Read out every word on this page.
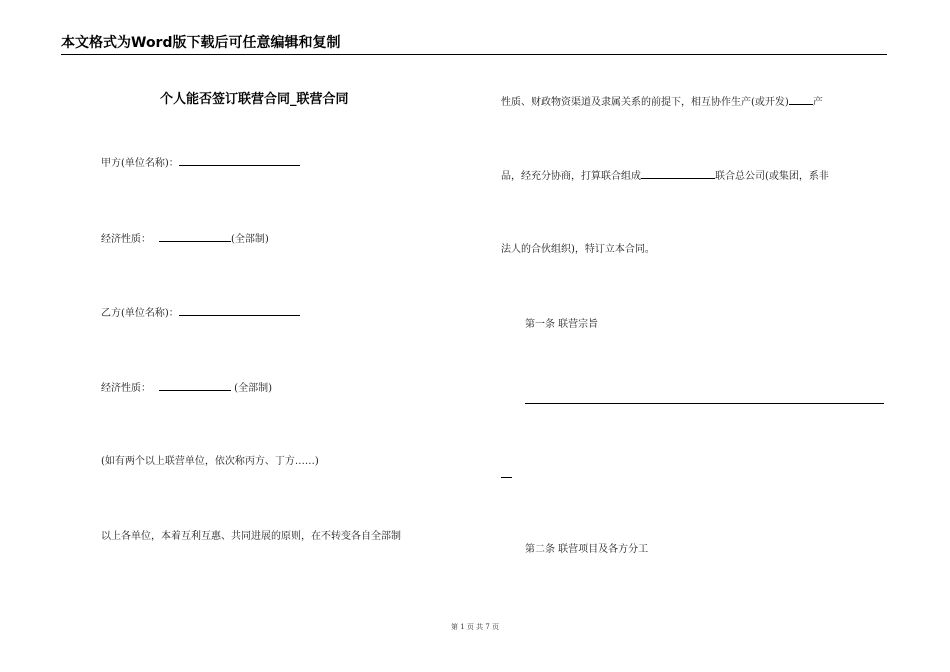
本文格式为Word版下载后可任意编辑和复制
个人能否签订联营合同_联营合同
甲方(单位名称)：
经济性质：	(全部制)
乙方(单位名称)：
经济性质：	(全部制)
(如有两个以上联营单位，依次称丙方、丁方……)
以上各单位，本着互利互惠、共同进展的原则，在不转变各自全部制
性质、财政物资渠道及隶属关系的前提下，相互协作生产(或开发) 产
品，经充分协商，打算联合组成	联合总公司(或集团，系非
法人的合伙组织)，特订立本合同。
第一条 联营宗旨
第二条 联营项目及各方分工
第 1 页 共 7 页
